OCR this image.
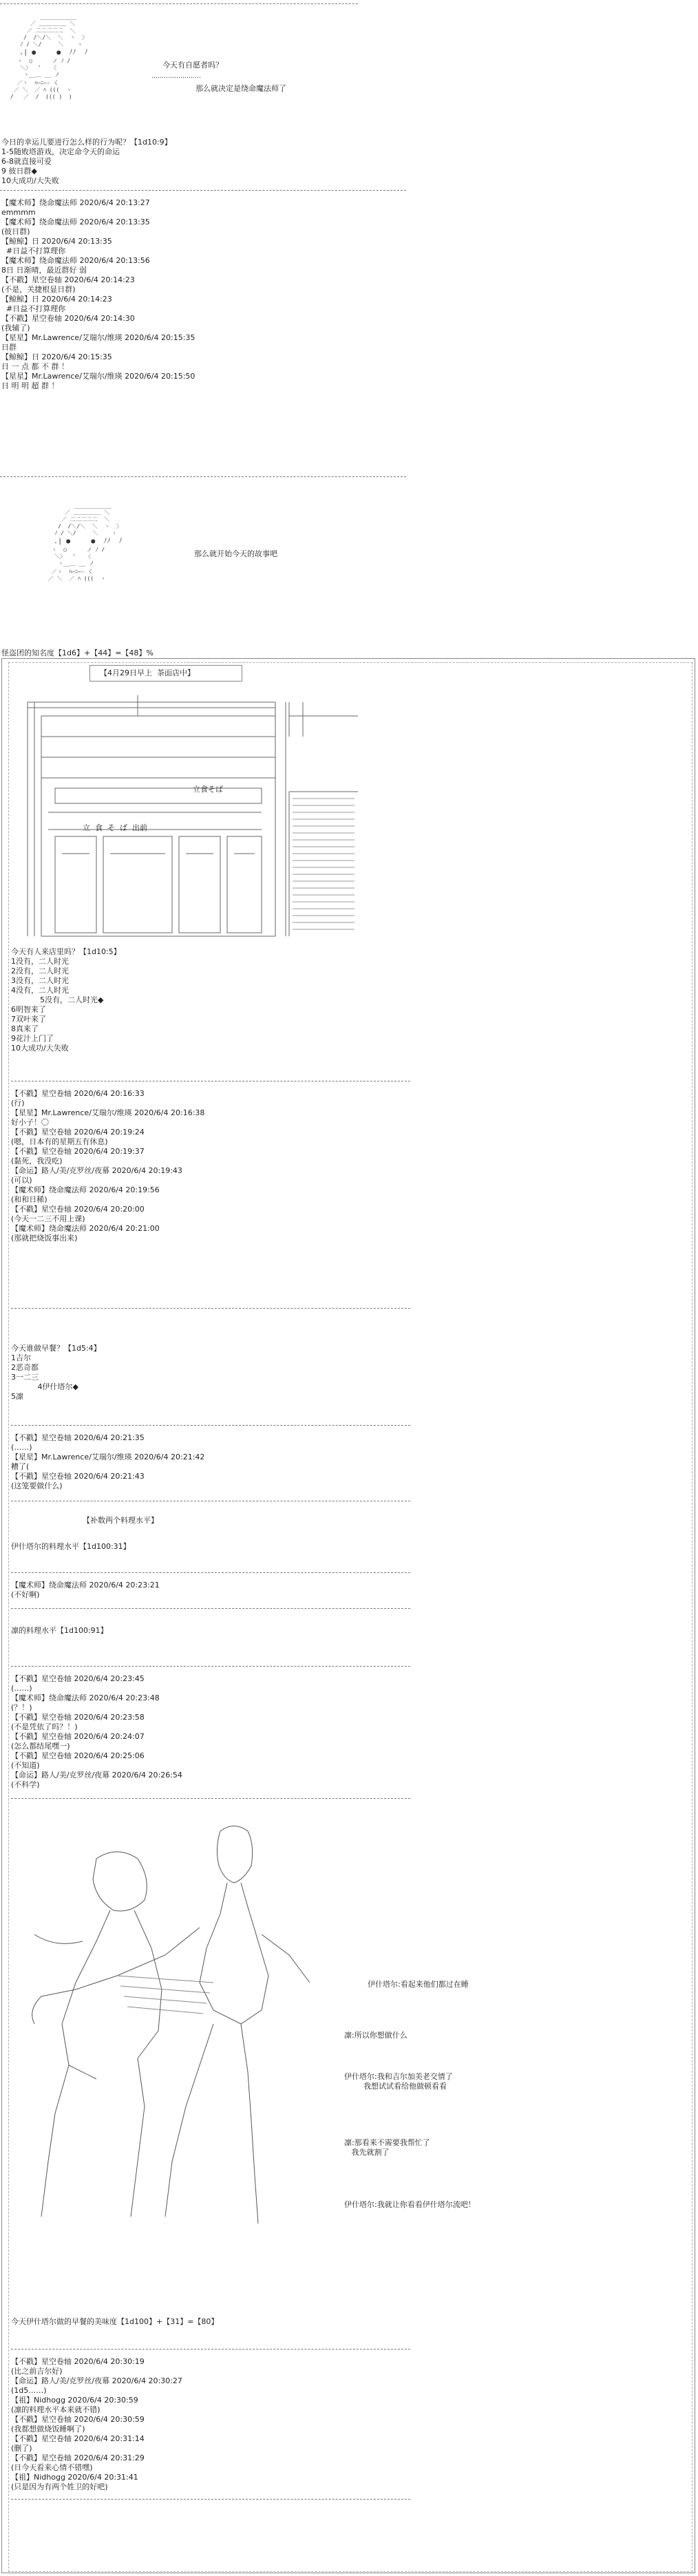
___________
／ ＿＿＿＿＿ ＼
／ 二二二二二  ＼
/  /＼/＼  ＼  ヽ  〉
ﾉ / ＼/     ＼    ヽ
.| ●     ●  ﾉﾉ  ﾉ
ヽ  ○      ノ ﾉ /
＼〉  '   〈
ヽ__＿ __ ノ
／ヽ  ﾊ―ﾆ―‐ く
／ ＼  ／ ﾊ (((  ヽ
/   ／  /  ((( )  )
今天有自愿者吗？
……………………
那么就决定是绕命魔法师了
今日的幸运儿要进行怎么样的行为呢？【1d10:9】
1-5随败塔游戏，决定命令天的命运
6-8就直接可爱
9 彼日群◆
10大成功/大失败
【魔术师】绕命魔法师 2020/6/4 20:13:27
emmmm
【魔术师】绕命魔法师 2020/6/4 20:13:35
(彼日群)
【鲸鲸】日 2020/6/4 20:13:35
#日益不打算理你
【魔术师】绕命魔法师 2020/6/4 20:13:56
8日 日渐晴，最近群好 弱
【不戳】星空卷轴 2020/6/4 20:14:23
(不是，关捷根显日群)
【鲸鲸】日 2020/6/4 20:14:23
#日益不打算理你
【不戳】星空卷轴 2020/6/4 20:14:30
(我辅了)
【星星】Mr.Lawrence/艾瑞尔/维瑛 2020/6/4 20:15:35
日群
【鲸鲸】日 2020/6/4 20:15:35
日 一 点 都 不 群 ！
【星星】Mr.Lawrence/艾瑞尔/维瑛 2020/6/4 20:15:50
日 明 明 超 群 ！
___________
／ ＿＿＿＿＿ ＼
／ 二二二二二  ＼
/  /＼/＼  ＼  ヽ  〉
ﾉ / ＼/     ＼    ヽ
.| ●     ●  ﾉﾉ  ﾉ
ヽ  ○      ノ ﾉ /
＼〉  '   〈
ヽ__＿ __ ノ
／ヽ  ﾊ―ﾆ―‐ く
／ ＼  ／ ﾊ (((  ヽ
那么就开始今天的故事吧
怪盗团的知名度【1d6】+【44】=【48】%
【4月29日早上  茶面店中】
立食そば
立  食  そ  ば  出前
今天有人来店里吗？【1d10:5】
1没有，二人时光
2没有，二人时光
3没有，二人时光
4没有，二人时光
5没有，二人时光◆
6明智来了
7双叶来了
8真来了
9花汁上门了
10大成功/大失败
【不戳】星空卷轴 2020/6/4 20:16:33
(行)
【星星】Mr.Lawrence/艾瑞尔/维瑛 2020/6/4 20:16:38
好小子！〇
【不戳】星空卷轴 2020/6/4 20:19:24
(嗯，日本有的星期五有休息)
【不戳】星空卷轴 2020/6/4 20:19:37
(黏死，我没吃)
【命运】路人/美/克罗丝/夜幕 2020/6/4 20:19:43
(可以)
【魔术师】绕命魔法师 2020/6/4 20:19:56
(和和日稀)
【不戳】星空卷轴 2020/6/4 20:20:00
(今天一二三不用上课)
【魔术师】绕命魔法师 2020/6/4 20:21:00
(那就把烧饭事出来)
今天谁做早餐？【1d5:4】
1吉尔
2恶奇都
3一二三
4伊什塔尔◆
5凛
【不戳】星空卷轴 2020/6/4 20:21:35
(……)
【星星】Mr.Lawrence/艾瑞尔/维瑛 2020/6/4 20:21:42
糟了(
【不戳】星空卷轴 2020/6/4 20:21:43
(这笼要做什么)
【补数两个料理水平】
伊什塔尔的料理水平【1d100:31】
【魔术师】绕命魔法师 2020/6/4 20:23:21
(不好啊)
凛的料理水平【1d100:91】
【不戳】星空卷轴 2020/6/4 20:23:45
(……)
【魔术师】绕命魔法师 2020/6/4 20:23:48
(？！)
【不戳】星空卷轴 2020/6/4 20:23:58
(不是凭依了吗？！)
【不戳】星空卷轴 2020/6/4 20:24:07
(怎么都结尾嘿一)
【不戳】星空卷轴 2020/6/4 20:25:06
(不知道)
【命运】路人/美/克罗丝/夜幕 2020/6/4 20:26:54
(不科学)
伊什塔尔:看起来他们都过在睡
凛:所以你想做什么
伊什塔尔:我和吉尔加美老交情了
我想试试看给他做顿看看
凛:那看来不需要我帮忙了
我先就割了
伊什塔尔:我就让你看看伊什塔尔流吧！
今天伊什塔尔做的早餐的美味度【1d100】+【31】=【80】
【不戳】星空卷轴 2020/6/4 20:30:19
(比之前吉尔好)
【命运】路人/美/克罗丝/夜幕 2020/6/4 20:30:27
(1d5……)
【祖】Nidhogg 2020/6/4 20:30:59
(凛的料理水平本来就不错)
【不戳】星空卷轴 2020/6/4 20:30:59
(我都想做烧饭睡啊了)
【不戳】星空卷轴 2020/6/4 20:31:14
(删了)
【不戳】星空卷轴 2020/6/4 20:31:29
(日今天看来心情不错嘿)
【祖】Nidhogg 2020/6/4 20:31:41
(只是因为有两个姓卫的好吧)
